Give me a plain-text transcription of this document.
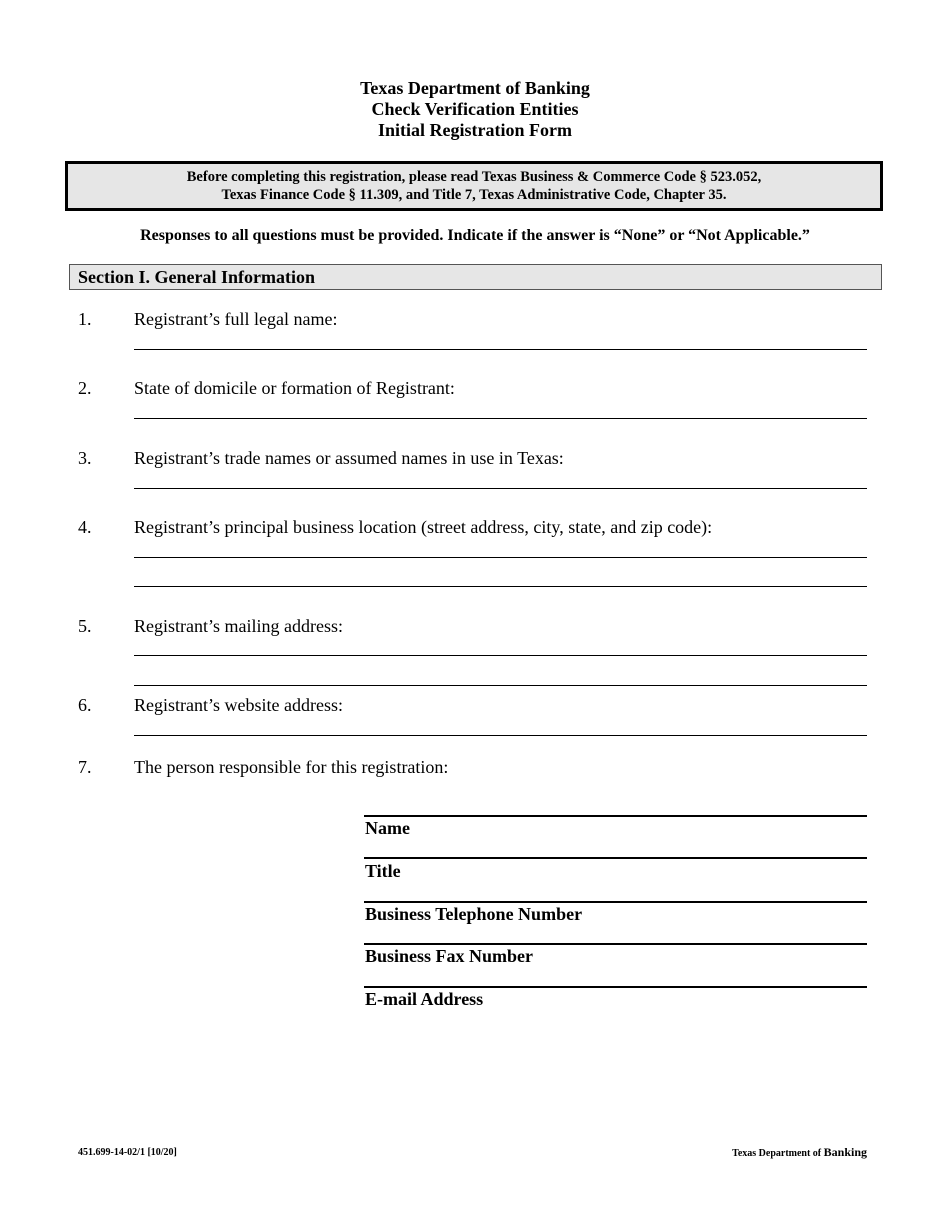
Texas Department of Banking
Check Verification Entities
Initial Registration Form
Before completing this registration, please read Texas Business & Commerce Code § 523.052,
Texas Finance Code § 11.309, and Title 7, Texas Administrative Code, Chapter 35.
Responses to all questions must be provided. Indicate if the answer is “None” or “Not Applicable.”
Section I. General Information
1. Registrant’s full legal name:
2. State of domicile or formation of Registrant:
3. Registrant’s trade names or assumed names in use in Texas:
4. Registrant’s principal business location (street address, city, state, and zip code):
5. Registrant’s mailing address:
6. Registrant’s website address:
7. The person responsible for this registration:
Name
Title
Business Telephone Number
Business Fax Number
E-mail Address
451.699-14-02/1 [10/20]	Texas Department of Banking
